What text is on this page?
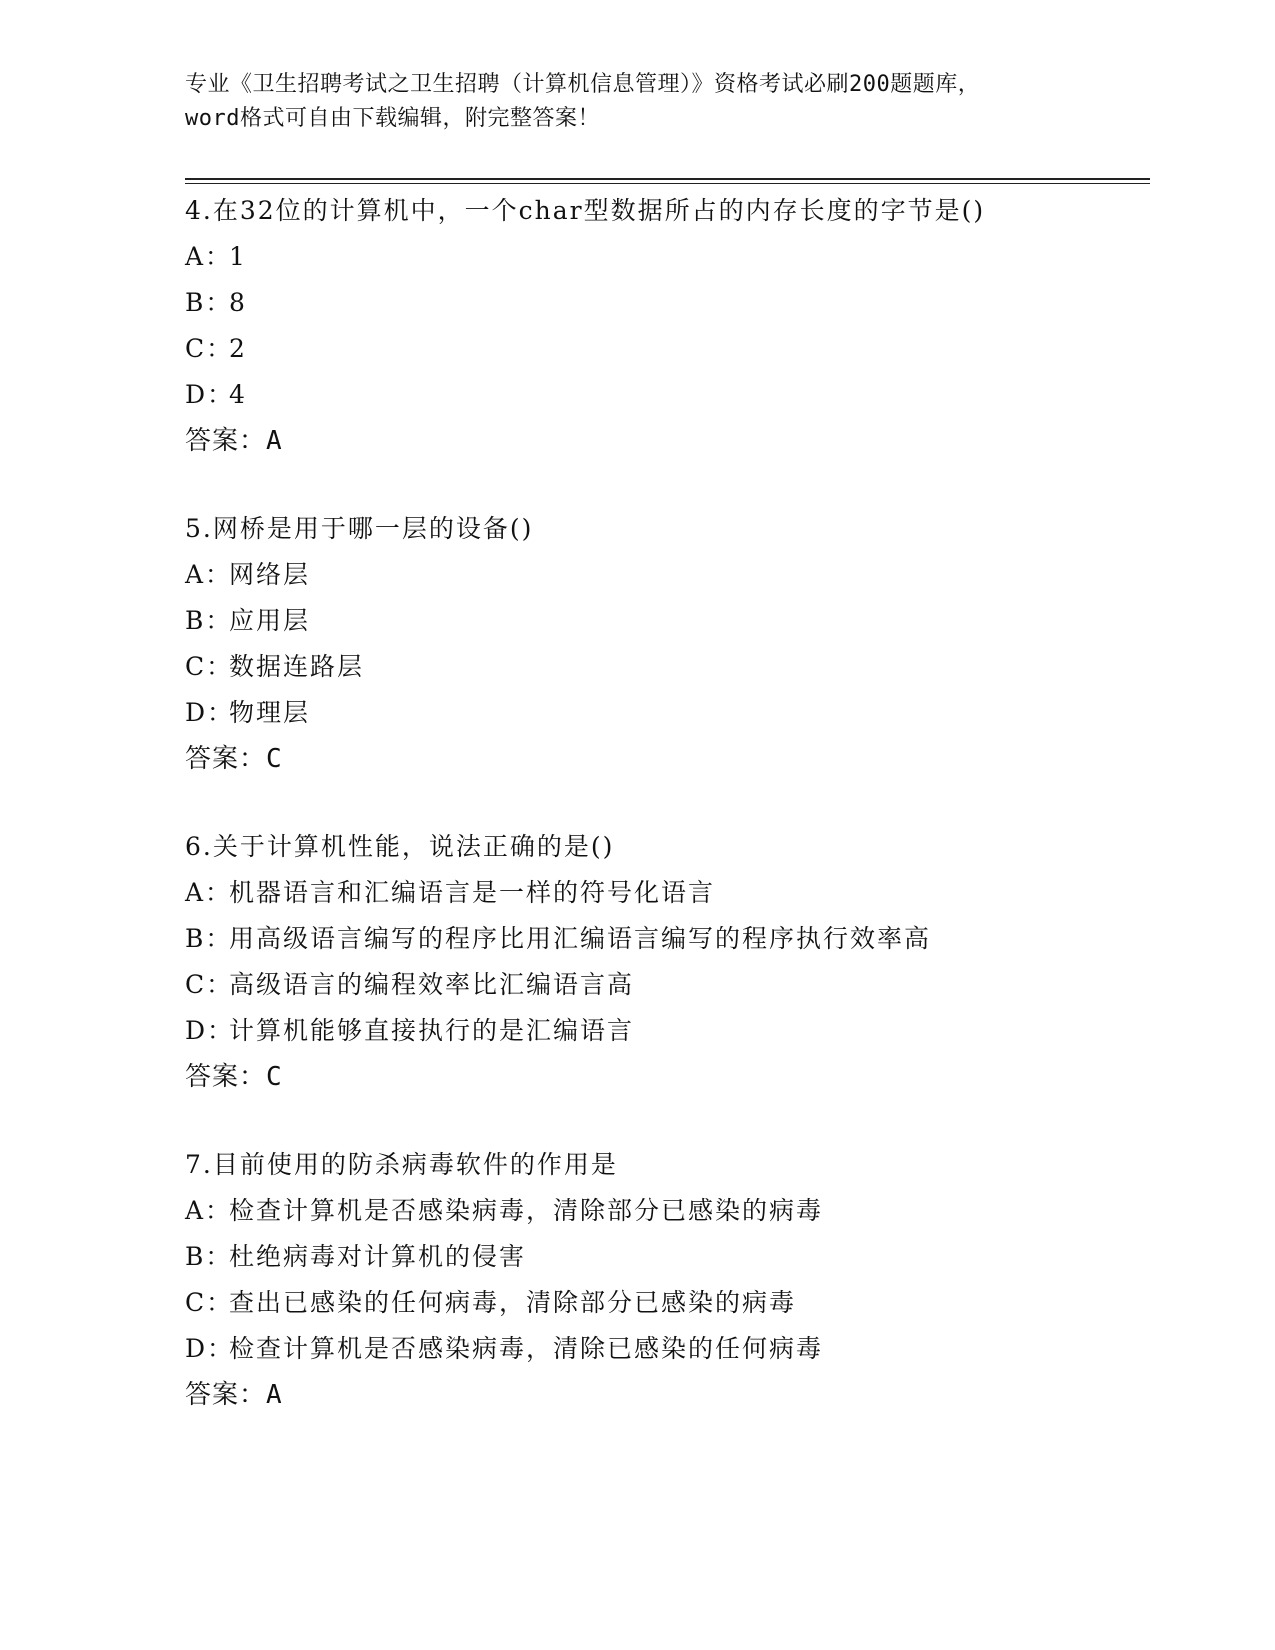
专业《卫生招聘考试之卫生招聘（计算机信息管理）》资格考试必刷200题题库，
word格式可自由下载编辑，附完整答案！
4.在32位的计算机中，一个char型数据所占的内存长度的字节是()
A：1
B：8
C：2
D：4
答案：A
5.网桥是用于哪一层的设备()
A：网络层
B：应用层
C：数据连路层
D：物理层
答案：C
6.关于计算机性能，说法正确的是()
A：机器语言和汇编语言是一样的符号化语言
B：用高级语言编写的程序比用汇编语言编写的程序执行效率高
C：高级语言的编程效率比汇编语言高
D：计算机能够直接执行的是汇编语言
答案：C
7.目前使用的防杀病毒软件的作用是
A：检查计算机是否感染病毒，清除部分已感染的病毒
B：杜绝病毒对计算机的侵害
C：查出已感染的任何病毒，清除部分已感染的病毒
D：检查计算机是否感染病毒，清除已感染的任何病毒
答案：A
